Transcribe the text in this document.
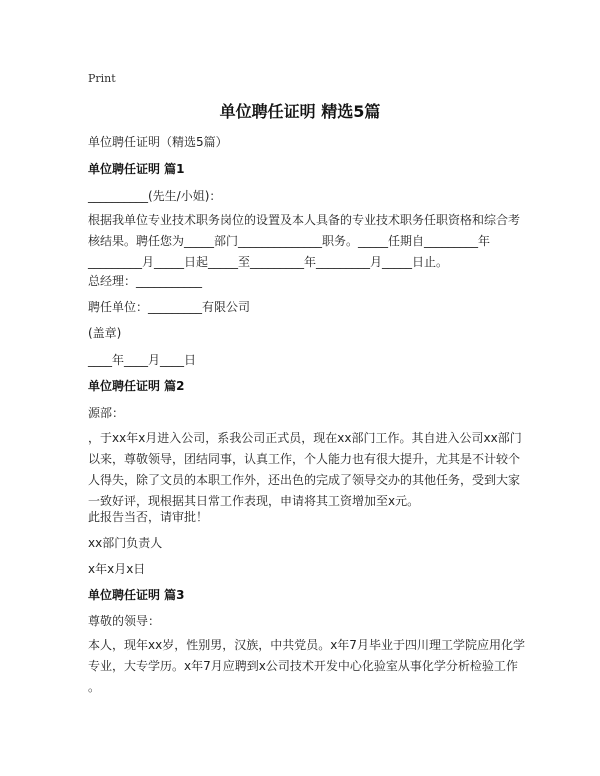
Print
单位聘任证明 精选5篇
单位聘任证明（精选5篇）
单位聘任证明 篇1
__________(先生/小姐)：
根据我单位专业技术职务岗位的设置及本人具备的专业技术职务任职资格和综合考
核结果。聘任您为_____部门______________职务。_____任期自_________年
_________月_____日起_____至_________年_________月_____日止。
总经理：___________
聘任单位：_________有限公司
(盖章)
____年____月____日
单位聘任证明 篇2
源部：
，于xx年x月进入公司，系我公司正式员，现在xx部门工作。其自进入公司xx部门
以来，尊敬领导，团结同事，认真工作，个人能力也有很大提升，尤其是不计较个
人得失，除了文员的本职工作外，还出色的完成了领导交办的其他任务，受到大家
一致好评，现根据其日常工作表现，申请将其工资增加至x元。
此报告当否，请审批！
xx部门负责人
x年x月x日
单位聘任证明 篇3
尊敬的领导：
本人，现年xx岁，性别男，汉族，中共党员。x年7月毕业于四川理工学院应用化学
专业，大专学历。x年7月应聘到x公司技术开发中心化验室从事化学分析检验工作
。
